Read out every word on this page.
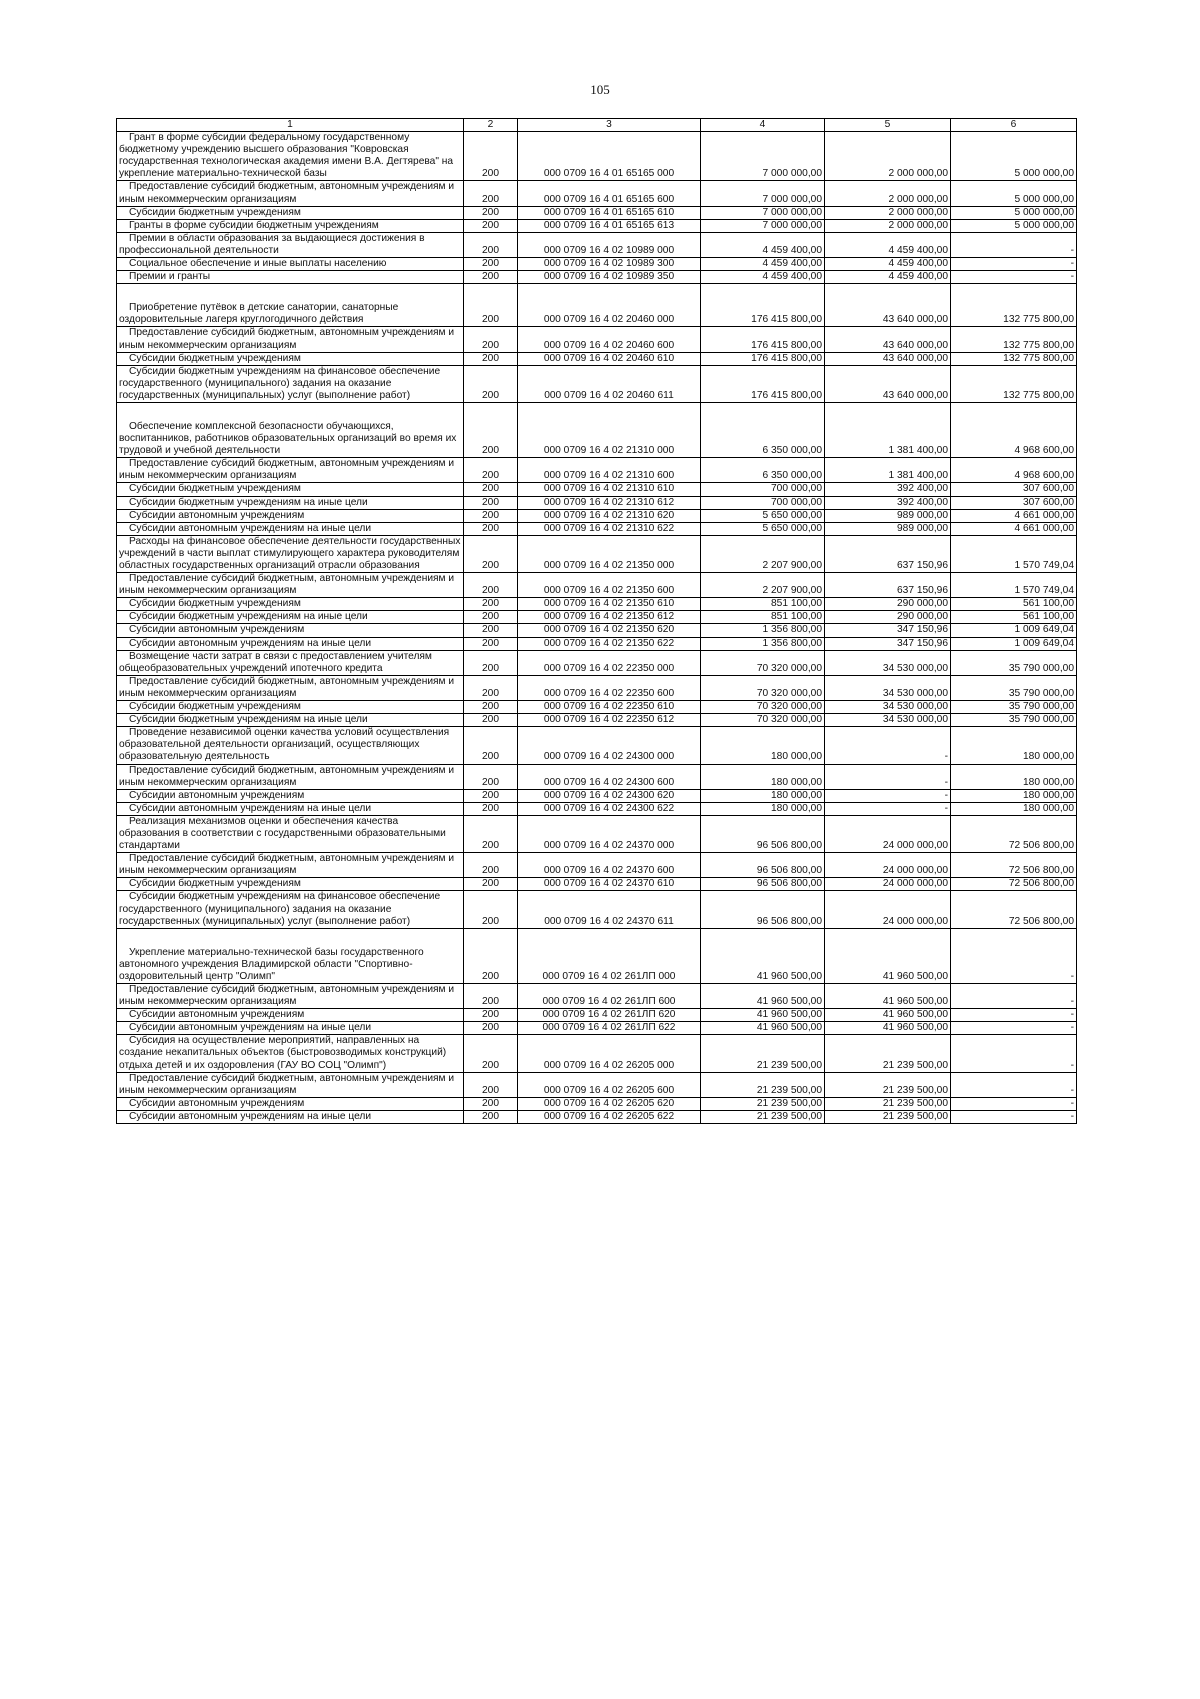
105
1	2	3	4	5	6

Грант в форме субсидии федеральному государственному бюджетному учреждению высшего образования "Ковровская государственная технологическая академия имени В.А. Дегтярева" на укрепление материально-технической базы	200	000 0709 16 4 01 65165 000	7 000 000,00	2 000 000,00	5 000 000,00

Предоставление субсидий бюджетным, автономным учреждениям и иным некоммерческим организациям	200	000 0709 16 4 01 65165 600	7 000 000,00	2 000 000,00	5 000 000,00

Субсидии бюджетным учреждениям	200	000 0709 16 4 01 65165 610	7 000 000,00	2 000 000,00	5 000 000,00

Гранты в форме субсидии бюджетным учреждениям	200	000 0709 16 4 01 65165 613	7 000 000,00	2 000 000,00	5 000 000,00

Премии в области образования за выдающиеся достижения в профессиональной деятельности	200	000 0709 16 4 02 10989 000	4 459 400,00	4 459 400,00	-

Социальное обеспечение и иные выплаты населению	200	000 0709 16 4 02 10989 300	4 459 400,00	4 459 400,00	-

Премии и гранты	200	000 0709 16 4 02 10989 350	4 459 400,00	4 459 400,00	-

Приобретение путёвок в детские санатории, санаторные оздоровительные лагеря круглогодичного действия	200	000 0709 16 4 02 20460 000	176 415 800,00	43 640 000,00	132 775 800,00

Предоставление субсидий бюджетным, автономным учреждениям и иным некоммерческим организациям	200	000 0709 16 4 02 20460 600	176 415 800,00	43 640 000,00	132 775 800,00

Субсидии бюджетным учреждениям	200	000 0709 16 4 02 20460 610	176 415 800,00	43 640 000,00	132 775 800,00

Субсидии бюджетным учреждениям на финансовое обеспечение государственного (муниципального) задания на оказание государственных (муниципальных) услуг (выполнение работ)	200	000 0709 16 4 02 20460 611	176 415 800,00	43 640 000,00	132 775 800,00

Обеспечение комплексной безопасности обучающихся, воспитанников, работников образовательных организаций во время их трудовой и учебной деятельности	200	000 0709 16 4 02 21310 000	6 350 000,00	1 381 400,00	4 968 600,00

Предоставление субсидий бюджетным, автономным учреждениям и иным некоммерческим организациям	200	000 0709 16 4 02 21310 600	6 350 000,00	1 381 400,00	4 968 600,00

Субсидии бюджетным учреждениям	200	000 0709 16 4 02 21310 610	700 000,00	392 400,00	307 600,00

Субсидии бюджетным учреждениям на иные цели	200	000 0709 16 4 02 21310 612	700 000,00	392 400,00	307 600,00

Субсидии автономным учреждениям	200	000 0709 16 4 02 21310 620	5 650 000,00	989 000,00	4 661 000,00

Субсидии автономным учреждениям на иные цели	200	000 0709 16 4 02 21310 622	5 650 000,00	989 000,00	4 661 000,00

Расходы на финансовое обеспечение деятельности государственных учреждений в части выплат стимулирующего характера руководителям областных государственных организаций отрасли образования	200	000 0709 16 4 02 21350 000	2 207 900,00	637 150,96	1 570 749,04

Предоставление субсидий бюджетным, автономным учреждениям и иным некоммерческим организациям	200	000 0709 16 4 02 21350 600	2 207 900,00	637 150,96	1 570 749,04

Субсидии бюджетным учреждениям	200	000 0709 16 4 02 21350 610	851 100,00	290 000,00	561 100,00

Субсидии бюджетным учреждениям на иные цели	200	000 0709 16 4 02 21350 612	851 100,00	290 000,00	561 100,00

Субсидии автономным учреждениям	200	000 0709 16 4 02 21350 620	1 356 800,00	347 150,96	1 009 649,04

Субсидии автономным учреждениям на иные цели	200	000 0709 16 4 02 21350 622	1 356 800,00	347 150,96	1 009 649,04

Возмещение части затрат в связи с предоставлением учителям общеобразовательных учреждений ипотечного кредита	200	000 0709 16 4 02 22350 000	70 320 000,00	34 530 000,00	35 790 000,00

Предоставление субсидий бюджетным, автономным учреждениям и иным некоммерческим организациям	200	000 0709 16 4 02 22350 600	70 320 000,00	34 530 000,00	35 790 000,00

Субсидии бюджетным учреждениям	200	000 0709 16 4 02 22350 610	70 320 000,00	34 530 000,00	35 790 000,00

Субсидии бюджетным учреждениям на иные цели	200	000 0709 16 4 02 22350 612	70 320 000,00	34 530 000,00	35 790 000,00

Проведение независимой оценки качества условий осуществления образовательной деятельности организаций, осуществляющих образовательную деятельность	200	000 0709 16 4 02 24300 000	180 000,00	-	180 000,00

Предоставление субсидий бюджетным, автономным учреждениям и иным некоммерческим организациям	200	000 0709 16 4 02 24300 600	180 000,00	-	180 000,00

Субсидии автономным учреждениям	200	000 0709 16 4 02 24300 620	180 000,00	-	180 000,00

Субсидии автономным учреждениям на иные цели	200	000 0709 16 4 02 24300 622	180 000,00	-	180 000,00

Реализация механизмов оценки и обеспечения качества образования в соответствии с государственными образовательными стандартами	200	000 0709 16 4 02 24370 000	96 506 800,00	24 000 000,00	72 506 800,00

Предоставление субсидий бюджетным, автономным учреждениям и иным некоммерческим организациям	200	000 0709 16 4 02 24370 600	96 506 800,00	24 000 000,00	72 506 800,00

Субсидии бюджетным учреждениям	200	000 0709 16 4 02 24370 610	96 506 800,00	24 000 000,00	72 506 800,00

Субсидии бюджетным учреждениям на финансовое обеспечение государственного (муниципального) задания на оказание государственных (муниципальных) услуг (выполнение работ)	200	000 0709 16 4 02 24370 611	96 506 800,00	24 000 000,00	72 506 800,00

Укрепление материально-технической базы государственного автономного учреждения Владимирской области "Спортивно-оздоровительный центр "Олимп"	200	000 0709 16 4 02 261ЛП 000	41 960 500,00	41 960 500,00	-

Предоставление субсидий бюджетным, автономным учреждениям и иным некоммерческим организациям	200	000 0709 16 4 02 261ЛП 600	41 960 500,00	41 960 500,00	-

Субсидии автономным учреждениям	200	000 0709 16 4 02 261ЛП 620	41 960 500,00	41 960 500,00	-

Субсидии автономным учреждениям на иные цели	200	000 0709 16 4 02 261ЛП 622	41 960 500,00	41 960 500,00	-

Субсидия на осуществление мероприятий, направленных на создание некапитальных объектов (быстровозводимых конструкций) отдыха детей и их оздоровления (ГАУ ВО СОЦ "Олимп")	200	000 0709 16 4 02 26205 000	21 239 500,00	21 239 500,00	-

Предоставление субсидий бюджетным, автономным учреждениям и иным некоммерческим организациям	200	000 0709 16 4 02 26205 600	21 239 500,00	21 239 500,00	-

Субсидии автономным учреждениям	200	000 0709 16 4 02 26205 620	21 239 500,00	21 239 500,00	-

Субсидии автономным учреждениям на иные цели	200	000 0709 16 4 02 26205 622	21 239 500,00	21 239 500,00	-
